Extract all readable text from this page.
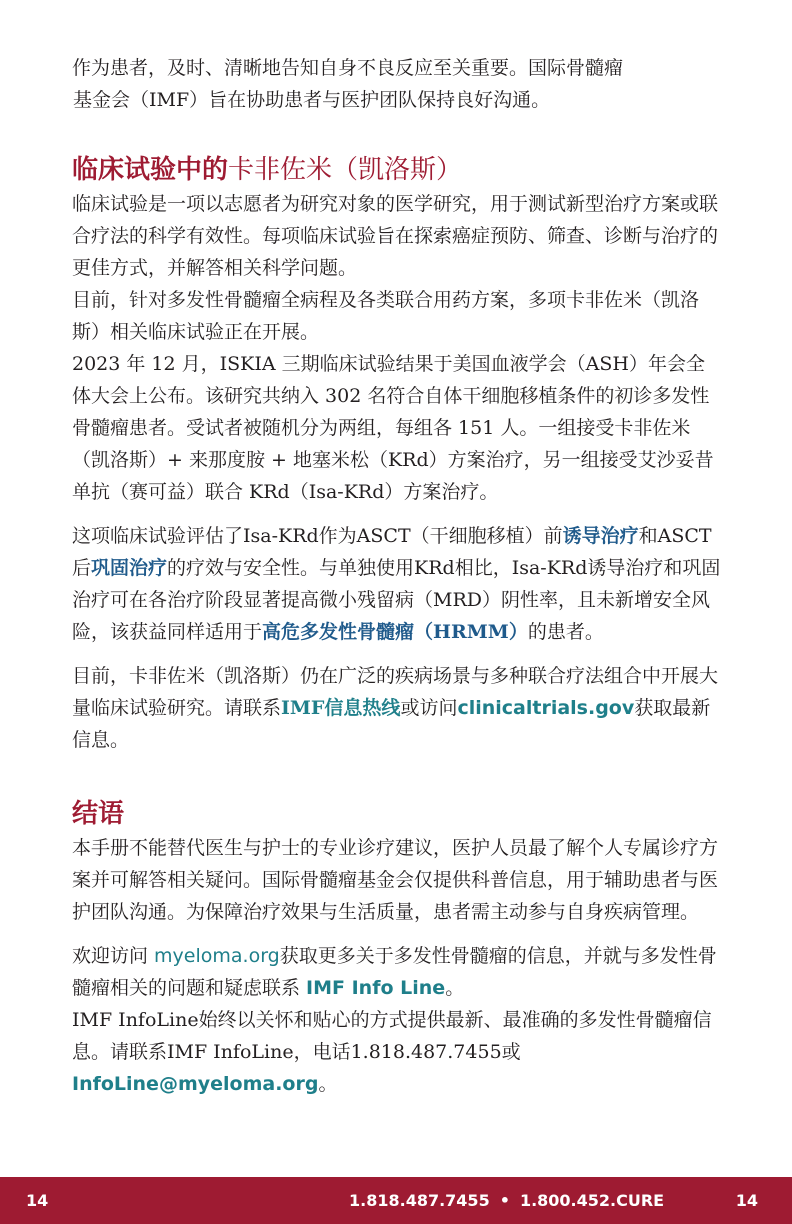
作为患者，及时、清晰地告知自身不良反应至关重要。国际骨髓瘤
基金会（IMF）旨在协助患者与医护团队保持良好沟通。

临床试验中的卡非佐米（凯洛斯）

临床试验是一项以志愿者为研究对象的医学研究，用于测试新型治疗方案或联合疗法的科学有效性。每项临床试验旨在探索癌症预防、筛查、诊断与治疗的更佳方式，并解答相关科学问题。

目前，针对多发性骨髓瘤全病程及各类联合用药方案，多项卡非佐米（凯洛斯）相关临床试验正在开展。

2023 年 12 月，ISKIA 三期临床试验结果于美国血液学会（ASH）年会全体大会上公布。该研究共纳入 302 名符合自体干细胞移植条件的初诊多发性骨髓瘤患者。受试者被随机分为两组，每组各 151 人。一组接受卡非佐米（凯洛斯）+ 来那度胺 + 地塞米松（KRd）方案治疗，另一组接受艾沙妥昔单抗（赛可益）联合 KRd（Isa-KRd）方案治疗。

这项临床试验评估了Isa-KRd作为ASCT（干细胞移植）前诱导治疗和ASCT后巩固治疗的疗效与安全性。与单独使用KRd相比，Isa-KRd诱导治疗和巩固治疗可在各治疗阶段显著提高微小残留病（MRD）阴性率，且未新增安全风险，该获益同样适用于高危多发性骨髓瘤（HRMM）的患者。

目前，卡非佐米（凯洛斯）仍在广泛的疾病场景与多种联合疗法组合中开展大量临床试验研究。请联系IMF信息热线或访问clinicaltrials.gov获取最新信息。

结语

本手册不能替代医生与护士的专业诊疗建议，医护人员最了解个人专属诊疗方案并可解答相关疑问。国际骨髓瘤基金会仅提供科普信息，用于辅助患者与医护团队沟通。为保障治疗效果与生活质量，患者需主动参与自身疾病管理。

欢迎访问 myeloma.org获取更多关于多发性骨髓瘤的信息，并就与多发性骨髓瘤相关的问题和疑虑联系 IMF Info Line。

IMF InfoLine始终以关怀和贴心的方式提供最新、最准确的多发性骨髓瘤信息。请联系IMF InfoLine，电话1.818.487.7455或InfoLine@myeloma.org。

14	1.818.487.7455 • 1.800.452.CURE	14
